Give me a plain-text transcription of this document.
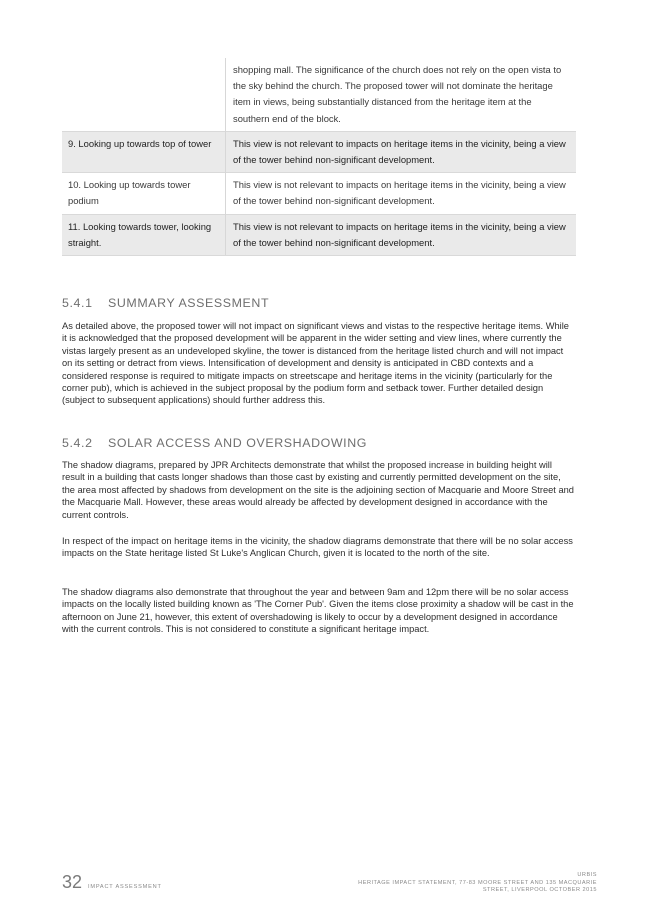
	shopping mall. The significance of the church does not rely on the open vista to the sky behind the church. The proposed tower will not dominate the heritage item in views, being substantially distanced from the heritage item at the southern end of the block.
9. Looking up towards top of tower	This view is not relevant to impacts on heritage items in the vicinity, being a view of the tower behind non-significant development.
10. Looking up towards tower podium	This view is not relevant to impacts on heritage items in the vicinity, being a view of the tower behind non-significant development.
11. Looking towards tower, looking straight.	This view is not relevant to impacts on heritage items in the vicinity, being a view of the tower behind non-significant development.
5.4.1 SUMMARY ASSESSMENT

As detailed above, the proposed tower will not impact on significant views and vistas to the respective heritage items. While it is acknowledged that the proposed development will be apparent in the wider setting and view lines, where currently the vistas largely present as an undeveloped skyline, the tower is distanced from the heritage listed church and will not impact on its setting or detract from views. Intensification of development and density is anticipated in CBD contexts and a considered response is required to mitigate impacts on streetscape and heritage items in the vicinity (particularly for the corner pub), which is achieved in the subject proposal by the podium form and setback tower. Further detailed design (subject to subsequent applications) should further address this.

5.4.2 SOLAR ACCESS AND OVERSHADOWING

The shadow diagrams, prepared by JPR Architects demonstrate that whilst the proposed increase in building height will result in a building that casts longer shadows than those cast by existing and currently permitted development on the site, the area most affected by shadows from development on the site is the adjoining section of Macquarie and Moore Street and the Macquarie Mall. However, these areas would already be affected by development designed in accordance with the current controls.

In respect of the impact on heritage items in the vicinity, the shadow diagrams demonstrate that there will be no solar access impacts on the State heritage listed St Luke's Anglican Church, given it is located to the north of the site.

The shadow diagrams also demonstrate that throughout the year and between 9am and 12pm there will be no solar access impacts on the locally listed building known as 'The Corner Pub'. Given the items close proximity a shadow will be cast in the afternoon on June 21, however, this extent of overshadowing is likely to occur by a development designed in accordance with the current controls. This is not considered to constitute a significant heritage impact.

32 IMPACT ASSESSMENT
URBIS
HERITAGE IMPACT STATEMENT, 77-83 MOORE STREET AND 135 MACQUARIE
STREET, LIVERPOOL OCTOBER 2015
